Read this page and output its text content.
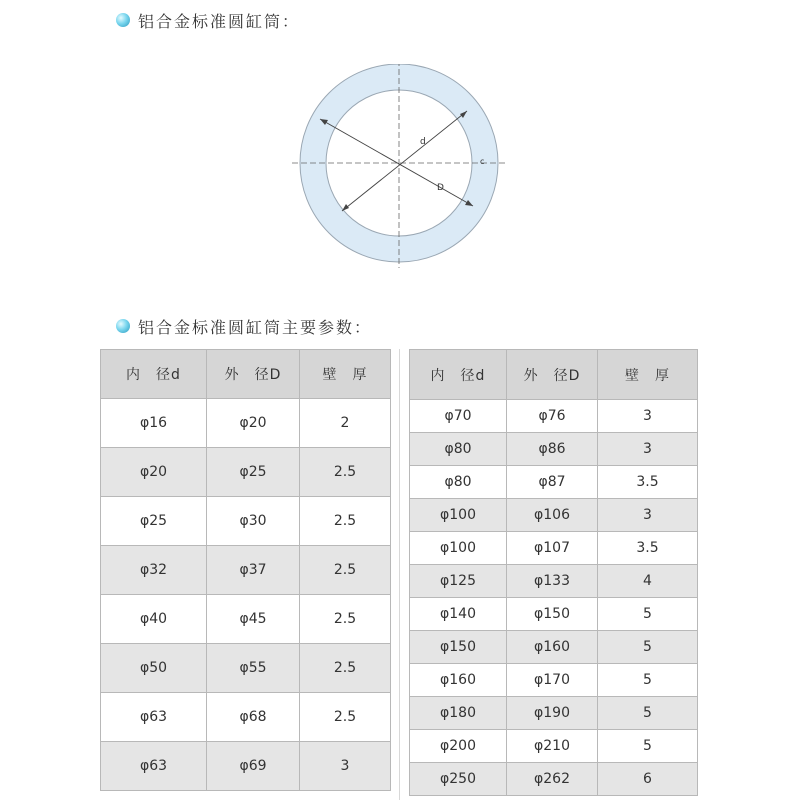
铝合金标准圆缸筒：
d
D
c
铝合金标准圆缸筒主要参数：
内　径d	外　径D	壁　厚
φ16	φ20	2
φ20	φ25	2.5
φ25	φ30	2.5
φ32	φ37	2.5
φ40	φ45	2.5
φ50	φ55	2.5
φ63	φ68	2.5
φ63	φ69	3
内　径d	外　径D	壁　厚
φ70	φ76	3
φ80	φ86	3
φ80	φ87	3.5
φ100	φ106	3
φ100	φ107	3.5
φ125	φ133	4
φ140	φ150	5
φ150	φ160	5
φ160	φ170	5
φ180	φ190	5
φ200	φ210	5
φ250	φ262	6
